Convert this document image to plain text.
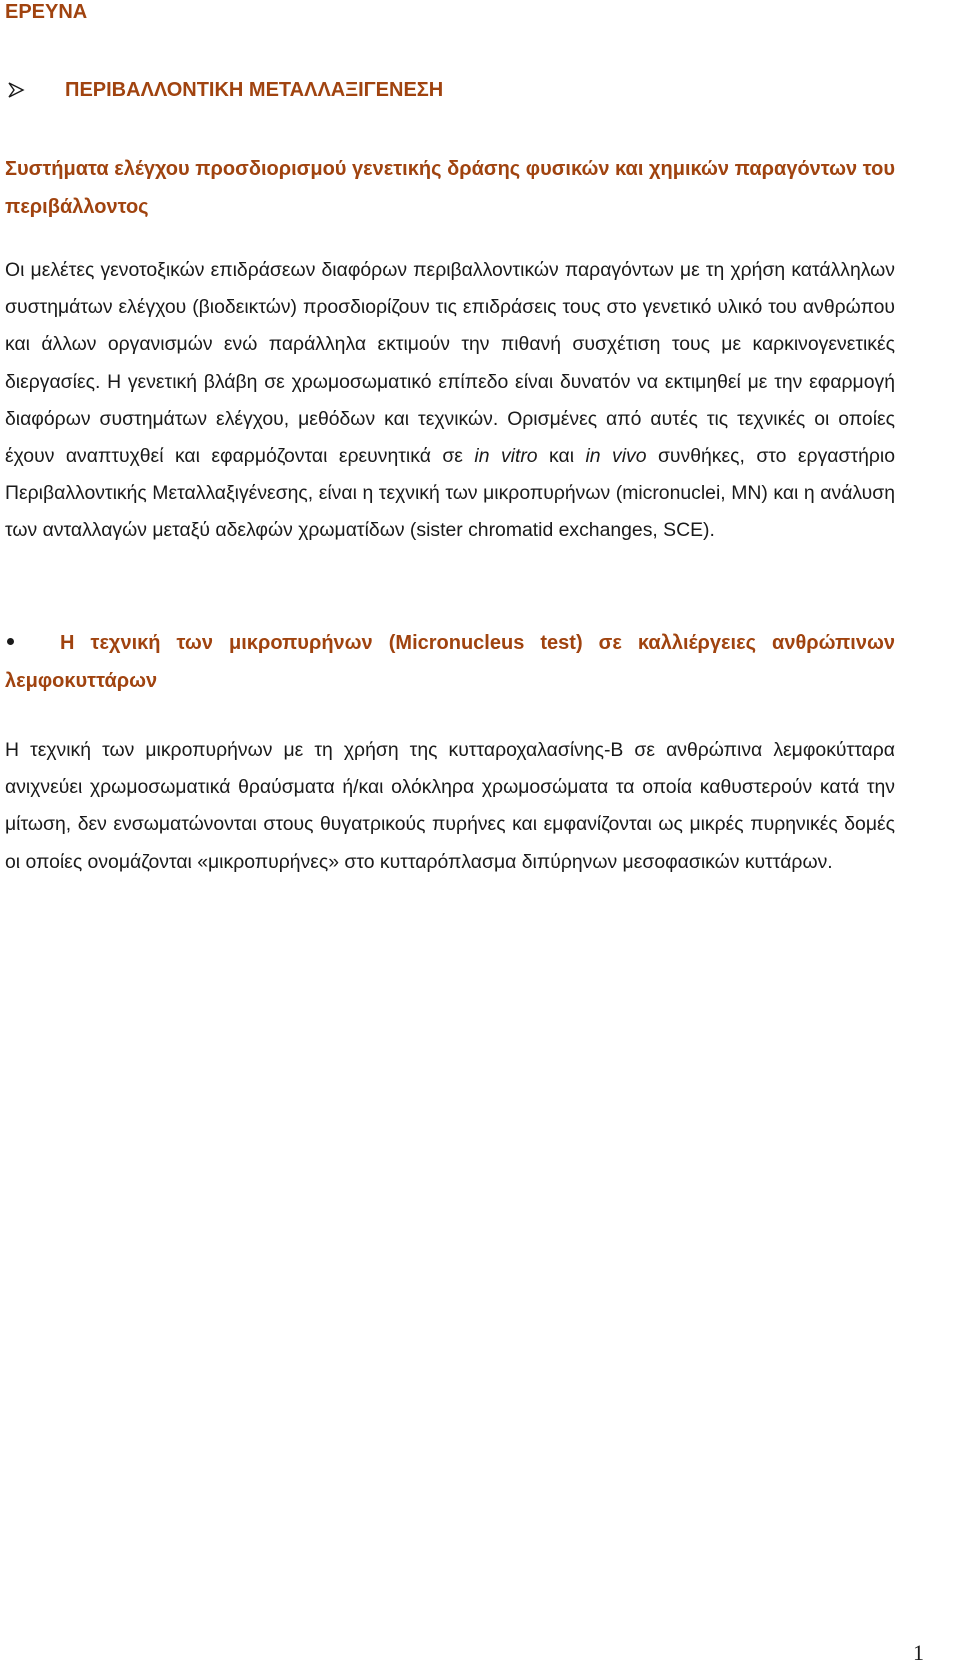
ΕΡΕΥΝΑ
ΠΕΡΙΒΑΛΛΟΝΤΙΚΗ ΜΕΤΑΛΛΑΞΙΓΕΝΕΣΗ
Συστήματα ελέγχου προσδιορισμού γενετικής δράσης φυσικών και χημικών παραγόντων του περιβάλλοντος
Οι μελέτες γενοτοξικών επιδράσεων διαφόρων περιβαλλοντικών παραγόντων με τη χρήση κατάλληλων συστημάτων ελέγχου (βιοδεικτών) προσδιορίζουν τις επιδράσεις τους στο γενετικό υλικό του ανθρώπου και άλλων οργανισμών ενώ παράλληλα εκτιμούν την πιθανή συσχέτιση τους με καρκινογενετικές διεργασίες. Η γενετική βλάβη σε χρωμοσωματικό επίπεδο είναι δυνατόν να εκτιμηθεί με την εφαρμογή διαφόρων συστημάτων ελέγχου, μεθόδων και τεχνικών. Ορισμένες από αυτές τις τεχνικές οι οποίες έχουν αναπτυχθεί και εφαρμόζονται ερευνητικά σε in vitro και in vivo συνθήκες, στο εργαστήριο Περιβαλλοντικής Μεταλλαξιγένεσης, είναι η τεχνική των μικροπυρήνων (micronuclei, MN) και η ανάλυση των ανταλλαγών μεταξύ αδελφών χρωματίδων (sister chromatid exchanges, SCE).
Η τεχνική των μικροπυρήνων (Micronucleus test) σε καλλιέργειες ανθρώπινων λεμφοκυττάρων
Η τεχνική των μικροπυρήνων με τη χρήση της κυτταροχαλασίνης-Β σε ανθρώπινα λεμφοκύτταρα ανιχνεύει χρωμοσωματικά θραύσματα ή/και ολόκληρα χρωμοσώματα τα οποία καθυστερούν κατά την μίτωση, δεν ενσωματώνονται στους θυγατρικούς πυρήνες και εμφανίζονται ως μικρές πυρηνικές δομές οι οποίες ονομάζονται «μικροπυρήνες» στο κυτταρόπλασμα διπύρηνων μεσοφασικών κυττάρων.
1
